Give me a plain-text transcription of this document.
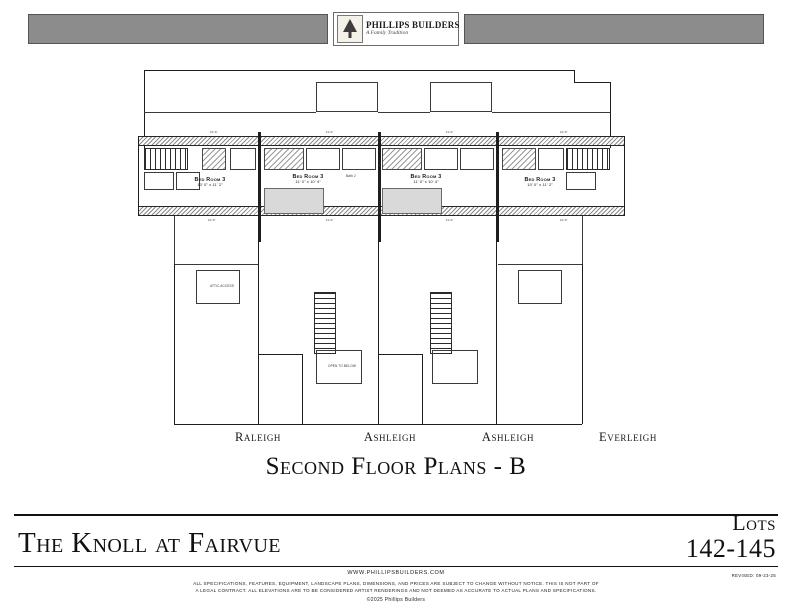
PHILLIPS BUILDERS
A Family Tradition
Bed Room 3
10' 0" x 11' 2"
Bed Room 3
11' 0" x 10' 4"
Bath 2	Bed Room 3
11' 0" x 10' 4"	Bed Room 3
10' 0" x 11' 2"
ATTIC ACCESS
OPEN TO BELOW
10'-6"	11'-0"	11'-0"	10'-6"
10'-6"	11'-0"	11'-0"	10'-6"
Raleigh	Ashleigh	Ashleigh	Everleigh
Second Floor Plans - B
The Knoll at Fairvue
Lots
142-145
WWW.PHILLIPSBUILDERS.COM	REVISED: 09-23-25
ALL SPECIFICATIONS, FEATURES, EQUIPMENT, LANDSCAPE PLANS, DIMENSIONS, AND PRICES ARE SUBJECT TO CHANGE WITHOUT NOTICE. THIS IS NOT PART OF
A LEGAL CONTRACT. ALL ELEVATIONS ARE TO BE CONSIDERED ARTIST RENDERINGS AND NOT DEEMED AS ACCURATE TO ACTUAL PLANS AND SPECIFICATIONS.
©2025 Phillips Builders
